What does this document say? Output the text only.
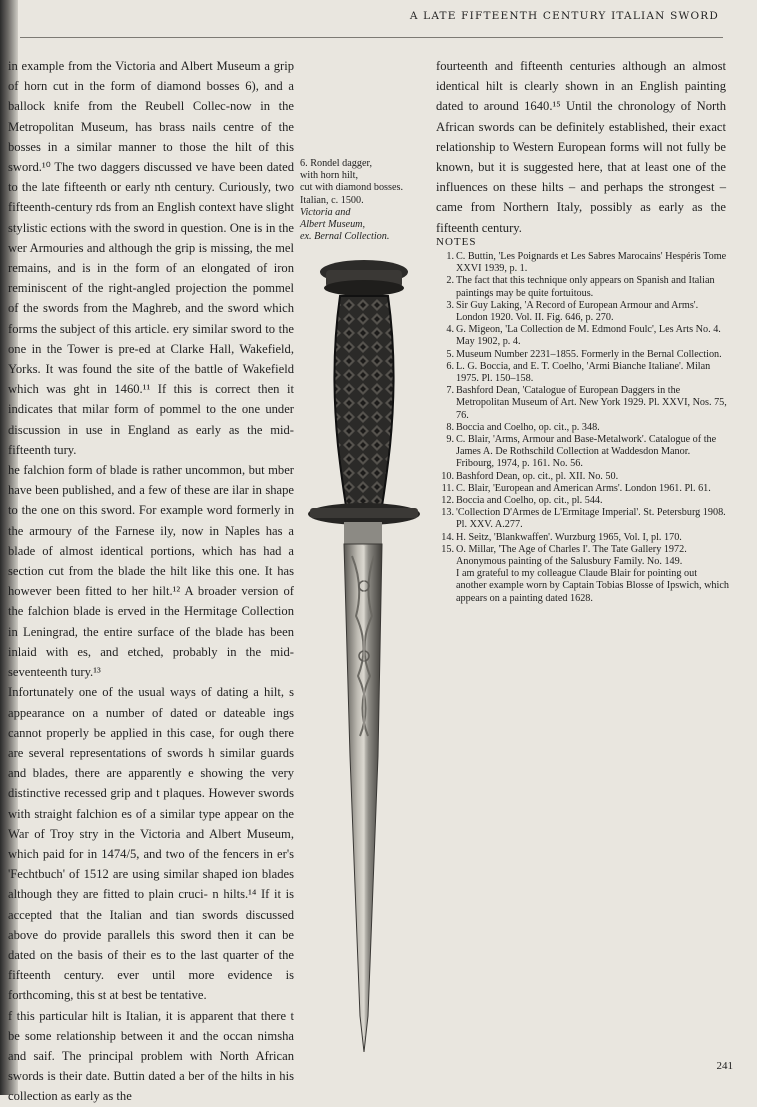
A LATE FIFTEENTH CENTURY ITALIAN SWORD

in example from the Victoria and Albert Museum a grip of horn cut in the form of diamond bosses 6), and a ballock knife from the Reubell Collec-now in the Metropolitan Museum, has brass nails centre of the bosses in a similar manner to those the hilt of this sword.¹⁰ The two daggers discussed ve have been dated to the late fifteenth or early nth century. Curiously, two fifteenth-century rds from an English context have slight stylistic ections with the sword in question. One is in the wer Armouries and although the grip is missing, the mel remains, and is in the form of an elongated of iron reminiscent of the right-angled projection the pommel of the swords from the Maghreb, and the sword which forms the subject of this article. ery similar sword to the one in the Tower is pre-ed at Clarke Hall, Wakefield, Yorks. It was found the site of the battle of Wakefield which was ght in 1460.¹¹ If this is correct then it indicates that milar form of pommel to the one under discussion in use in England as early as the mid-fifteenth tury.

he falchion form of blade is rather uncommon, but mber have been published, and a few of these are ilar in shape to the one on this sword. For example word formerly in the armoury of the Farnese ily, now in Naples has a blade of almost identical portions, which has had a section cut from the blade the hilt like this one. It has however been fitted to her hilt.¹² A broader version of the falchion blade is erved in the Hermitage Collection in Leningrad, the entire surface of the blade has been inlaid with es, and etched, probably in the mid-seventeenth tury.¹³

Infortunately one of the usual ways of dating a hilt, s appearance on a number of dated or dateable ings cannot properly be applied in this case, for ough there are several representations of swords h similar guards and blades, there are apparently e showing the very distinctive recessed grip and t plaques. However swords with straight falchion es of a similar type appear on the War of Troy stry in the Victoria and Albert Museum, which paid for in 1474/5, and two of the fencers in er's 'Fechtbuch' of 1512 are using similar shaped ion blades although they are fitted to plain cruci- n hilts.¹⁴ If it is accepted that the Italian and tian swords discussed above do provide parallels this sword then it can be dated on the basis of their es to the last quarter of the fifteenth century. ever until more evidence is forthcoming, this st at best be tentative.

f this particular hilt is Italian, it is apparent that there t be some relationship between it and the occan nimsha and saif. The principal problem with North African swords is their date. Buttin dated a ber of the hilts in his collection as early as the

6. Rondel dagger,
with horn hilt,
cut with diamond bosses.
Italian, c. 1500.
Victoria and
Albert Museum,
ex. Bernal Collection.
fourteenth and fifteenth centuries although an almost identical hilt is clearly shown in an English painting dated to around 1640.¹⁵ Until the chronology of North African swords can be definitely established, their exact relationship to Western European forms will not fully be known, but it is suggested here, that at least one of the influences on these hilts – and perhaps the strongest – came from Northern Italy, possibly as early as the fifteenth century.
NOTES
1. C. Buttin, 'Les Poignards et Les Sabres Marocains' Hespéris Tome XXVI 1939, p. 1.
2. The fact that this technique only appears on Spanish and Italian paintings may be quite fortuitous.
3. Sir Guy Laking, 'A Record of European Armour and Arms'. London 1920. Vol. II. Fig. 646, p. 270.
4. G. Migeon, 'La Collection de M. Edmond Foulc', Les Arts No. 4. May 1902, p. 4.
5. Museum Number 2231–1855. Formerly in the Bernal Collection.
6. L. G. Boccia, and E. T. Coelho, 'Armi Bianche Italiane'. Milan 1975. Pl. 150–158.
7. Bashford Dean, 'Catalogue of European Daggers in the Metropolitan Museum of Art. New York 1929. Pl. XXVI, Nos. 75, 76.
8. Boccia and Coelho, op. cit., p. 348.
9. C. Blair, 'Arms, Armour and Base-Metalwork'. Catalogue of the James A. De Rothschild Collection at Waddesdon Manor. Fribourg, 1974, p. 161. No. 56.
10. Bashford Dean, op. cit., pl. XII. No. 50.
11. C. Blair, 'European and American Arms'. London 1961. Pl. 61.
12. Boccia and Coelho, op. cit., pl. 544.
13. 'Collection D'Armes de L'Ermitage Imperial'. St. Petersburg 1908. Pl. XXV. A.277.
14. H. Seitz, 'Blankwaffen'. Wurzburg 1965, Vol. I, pl. 170.
15. O. Millar, 'The Age of Charles I'. The Tate Gallery 1972. Anonymous painting of the Salusbury Family. No. 149.
I am grateful to my colleague Claude Blair for pointing out another example worn by Captain Tobias Blosse of Ipswich, which appears on a painting dated 1628.
241
